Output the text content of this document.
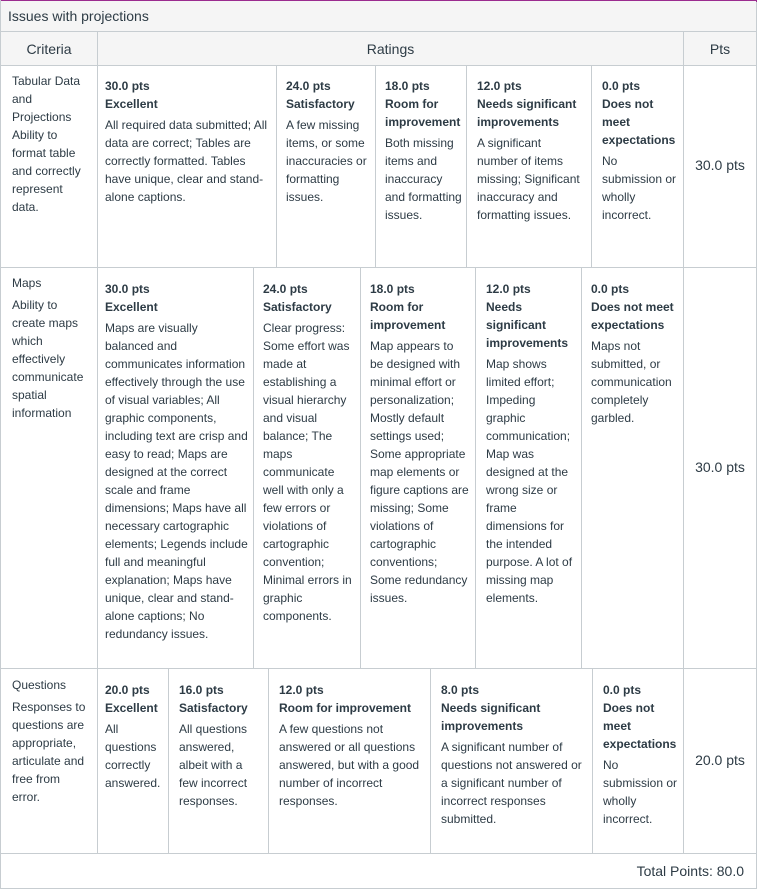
Issues with projections
Criteria	Ratings	Pts
Tabular Data and Projections
Ability to format table and correctly represent data.
30.0 pts
Excellent
All required data submitted; All data are correct; Tables are correctly formatted. Tables have unique, clear and stand-alone captions.
24.0 pts
Satisfactory
A few missing items, or some inaccuracies or formatting issues.
18.0 pts
Room for improvement
Both missing items and inaccuracy and formatting issues.
12.0 pts
Needs significant improvements
A significant number of items missing; Significant inaccuracy and formatting issues.
0.0 pts
Does not meet expectations
No submission or wholly incorrect.
30.0 pts
Maps
Ability to create maps which effectively communicate spatial information
30.0 pts
Excellent
Maps are visually balanced and communicates information effectively through the use of visual variables; All graphic components, including text are crisp and easy to read; Maps are designed at the correct scale and frame dimensions; Maps have all necessary cartographic elements; Legends include full and meaningful explanation; Maps have unique, clear and stand-alone captions; No redundancy issues.
24.0 pts
Satisfactory
Clear progress: Some effort was made at establishing a visual hierarchy and visual balance; The maps communicate well with only a few errors or violations of cartographic convention; Minimal errors in graphic components.
18.0 pts
Room for improvement
Map appears to be designed with minimal effort or personalization; Mostly default settings used; Some appropriate map elements or figure captions are missing; Some violations of cartographic conventions; Some redundancy issues.
12.0 pts
Needs significant improvements
Map shows limited effort; Impeding graphic communication; Map was designed at the wrong size or frame dimensions for the intended purpose. A lot of missing map elements.
0.0 pts
Does not meet expectations
Maps not submitted, or communication completely garbled.
30.0 pts
Questions
Responses to questions are appropriate, articulate and free from error.
20.0 pts
Excellent
All questions correctly answered.
16.0 pts
Satisfactory
All questions answered, albeit with a few incorrect responses.
12.0 pts
Room for improvement
A few questions not answered or all questions answered, but with a good number of incorrect responses.
8.0 pts
Needs significant improvements
A significant number of questions not answered or a significant number of incorrect responses submitted.
0.0 pts
Does not meet expectations
No submission or wholly incorrect.
20.0 pts
Total Points: 80.0
